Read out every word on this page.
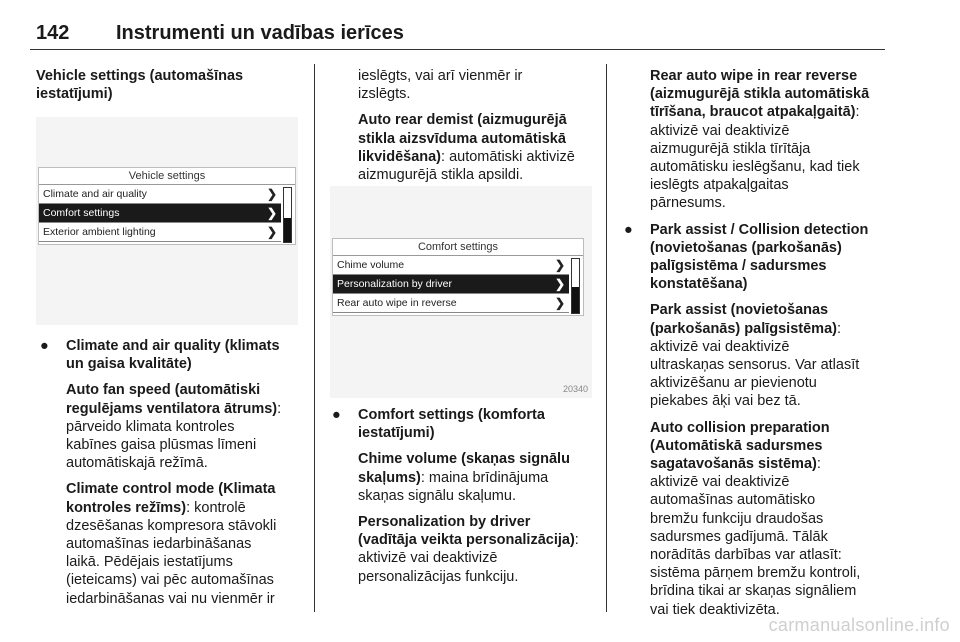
142 Instrumenti un vadības ierīces
Vehicle settings (automašīnas
iestatījumi)
Vehicle settings
Climate and air quality	❯
Comfort settings	❯
Exterior ambient lighting	❯
● Climate and air quality (klimats
un gaisa kvalitāte)

Auto fan speed (automātiski
regulējams ventilatora ātrums):
pārveido klimata kontroles
kabīnes gaisa plūsmas līmeni
automātiskajā režīmā.

Climate control mode (Klimata
kontroles režīms): kontrolē
dzesēšanas kompresora stāvokli
automašīnas iedarbināšanas
laikā. Pēdējais iestatījums
(ieteicams) vai pēc automašīnas
iedarbināšanas vai nu vienmēr ir

ieslēgts, vai arī vienmēr ir
izslēgts.

Auto rear demist (aizmugurējā
stikla aizsvīduma automātiskā
likvidēšana): automātiski aktivizē
aizmugurējā stikla apsildi.

Comfort settings
Chime volume	❯
Personalization by driver	❯
Rear auto wipe in reverse	❯
20340
● Comfort settings (komforta
iestatījumi)

Chime volume (skaņas signālu
skaļums): maina brīdinājuma
skaņas signālu skaļumu.

Personalization by driver
(vadītāja veikta personalizācija):
aktivizē vai deaktivizē
personalizācijas funkciju.

Rear auto wipe in rear reverse
(aizmugurējā stikla automātiskā
tīrīšana, braucot atpakaļgaitā):
aktivizē vai deaktivizē
aizmugurējā stikla tīrītāja
automātisku ieslēgšanu, kad tiek
ieslēgts atpakaļgaitas
pārnesums.

● Park assist / Collision detection
(novietošanas (parkošanās)
palīgsistēma / sadursmes
konstatēšana)

Park assist (novietošanas
(parkošanās) palīgsistēma):
aktivizē vai deaktivizē
ultraskaņas sensorus. Var atlasīt
aktivizēšanu ar pievienotu
piekabes āķi vai bez tā.

Auto collision preparation
(Automātiskā sadursmes
sagatavošanās sistēma):
aktivizē vai deaktivizē
automašīnas automātisko
bremžu funkciju draudošas
sadursmes gadījumā. Tālāk
norādītās darbības var atlasīt:
sistēma pārņem bremžu kontroli,
brīdina tikai ar skaņas signāliem
vai tiek deaktivizēta.

carmanualsonline.info
